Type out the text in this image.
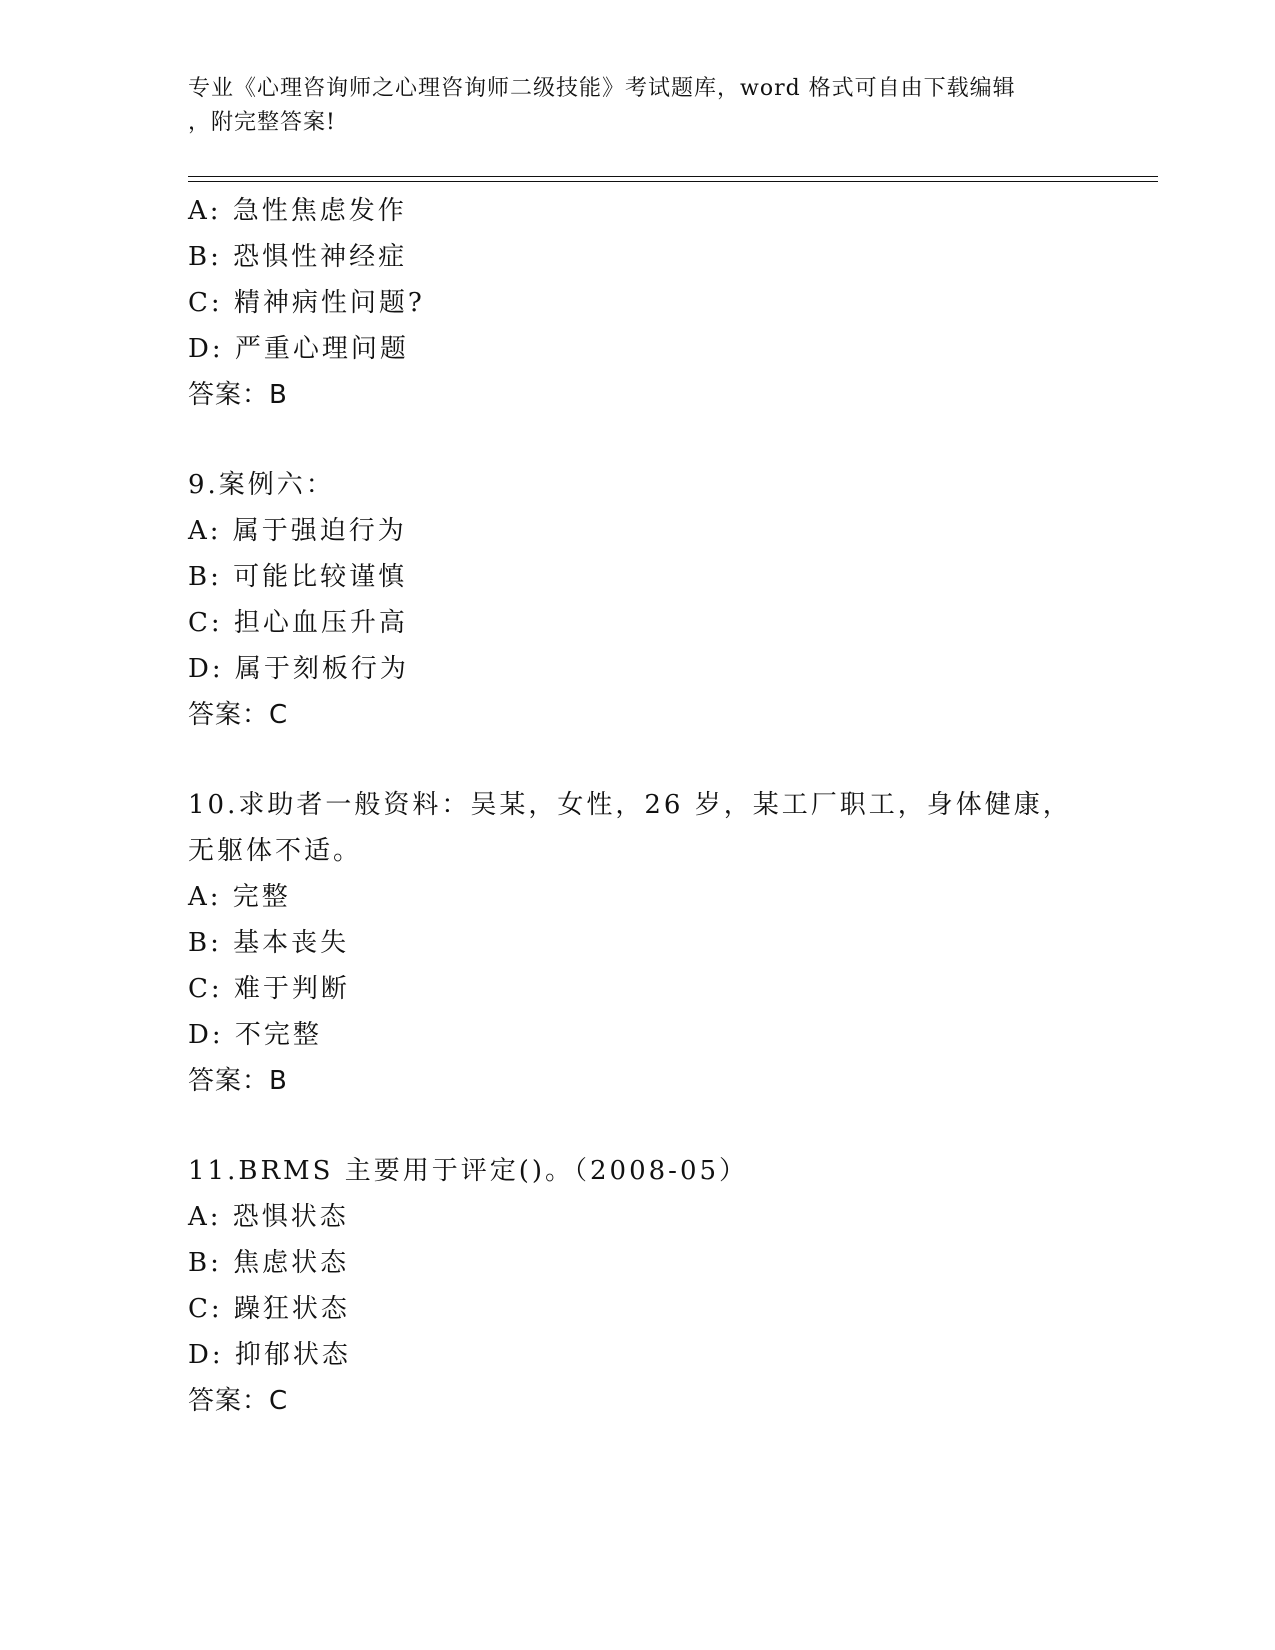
专业《心理咨询师之心理咨询师二级技能》考试题库，word 格式可自由下载编辑
，附完整答案!
A: 急性焦虑发作
B: 恐惧性神经症
C: 精神病性问题?
D: 严重心理问题
答案：B
9.案例六：
A: 属于强迫行为
B: 可能比较谨慎
C: 担心血压升高
D: 属于刻板行为
答案：C
10.求助者一般资料：吴某，女性，26 岁，某工厂职工，身体健康，无躯体不适。
A: 完整
B: 基本丧失
C: 难于判断
D: 不完整
答案：B
11.BRMS 主要用于评定()。（2008-05）
A: 恐惧状态
B: 焦虑状态
C: 躁狂状态
D: 抑郁状态
答案：C
